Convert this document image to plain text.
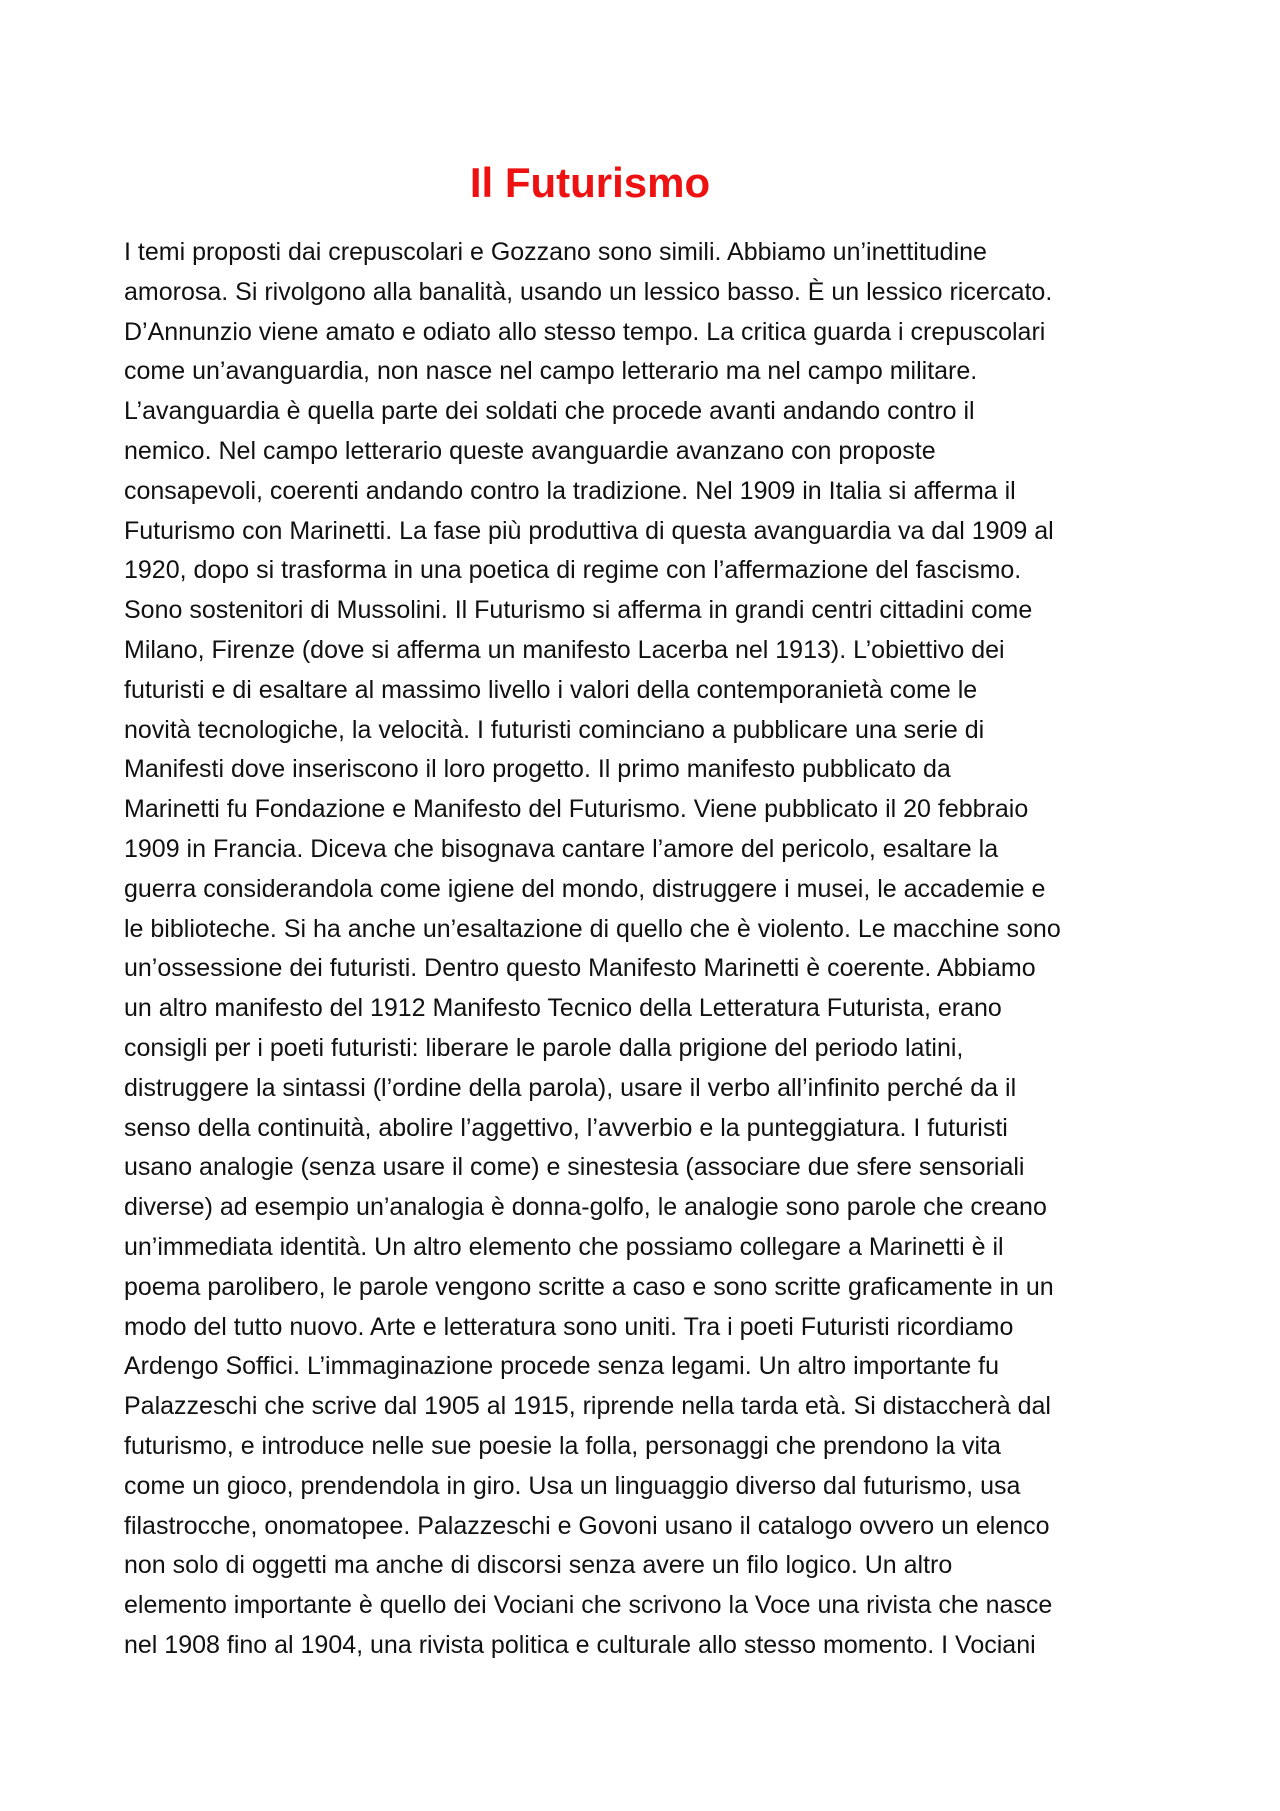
Il Futurismo
I temi proposti dai crepuscolari e Gozzano sono simili. Abbiamo un’inettitudine
amorosa. Si rivolgono alla banalità, usando un lessico basso. È un lessico ricercato.
D’Annunzio viene amato e odiato allo stesso tempo. La critica guarda i crepuscolari
come un’avanguardia, non nasce nel campo letterario ma nel campo militare.
L’avanguardia è quella parte dei soldati che procede avanti andando contro il
nemico. Nel campo letterario queste avanguardie avanzano con proposte
consapevoli, coerenti andando contro la tradizione. Nel 1909 in Italia si afferma il
Futurismo con Marinetti. La fase più produttiva di questa avanguardia va dal 1909 al
1920, dopo si trasforma in una poetica di regime con l’affermazione del fascismo.
Sono sostenitori di Mussolini. Il Futurismo si afferma in grandi centri cittadini come
Milano, Firenze (dove si afferma un manifesto Lacerba nel 1913). L’obiettivo dei
futuristi e di esaltare al massimo livello i valori della contemporanietà come le
novità tecnologiche, la velocità. I futuristi cominciano a pubblicare una serie di
Manifesti dove inseriscono il loro progetto. Il primo manifesto pubblicato da
Marinetti fu Fondazione e Manifesto del Futurismo. Viene pubblicato il 20 febbraio
1909 in Francia. Diceva che bisognava cantare l’amore del pericolo, esaltare la
guerra considerandola come igiene del mondo, distruggere i musei, le accademie e
le biblioteche. Si ha anche un’esaltazione di quello che è violento. Le macchine sono
un’ossessione dei futuristi. Dentro questo Manifesto Marinetti è coerente. Abbiamo
un altro manifesto del 1912 Manifesto Tecnico della Letteratura Futurista, erano
consigli per i poeti futuristi: liberare le parole dalla prigione del periodo latini,
distruggere la sintassi (l’ordine della parola), usare il verbo all’infinito perché da il
senso della continuità, abolire l’aggettivo, l’avverbio e la punteggiatura. I futuristi
usano analogie (senza usare il come) e sinestesia (associare due sfere sensoriali
diverse) ad esempio un’analogia è donna-golfo, le analogie sono parole che creano
un’immediata identità. Un altro elemento che possiamo collegare a Marinetti è il
poema parolibero, le parole vengono scritte a caso e sono scritte graficamente in un
modo del tutto nuovo. Arte e letteratura sono uniti. Tra i poeti Futuristi ricordiamo
Ardengo Soffici. L’immaginazione procede senza legami. Un altro importante fu
Palazzeschi che scrive dal 1905 al 1915, riprende nella tarda età. Si distaccherà dal
futurismo, e introduce nelle sue poesie la folla, personaggi che prendono la vita
come un gioco, prendendola in giro. Usa un linguaggio diverso dal futurismo, usa
filastrocche, onomatopee. Palazzeschi e Govoni usano il catalogo ovvero un elenco
non solo di oggetti ma anche di discorsi senza avere un filo logico. Un altro
elemento importante è quello dei Vociani che scrivono la Voce una rivista che nasce
nel 1908 fino al 1904, una rivista politica e culturale allo stesso momento. I Vociani
